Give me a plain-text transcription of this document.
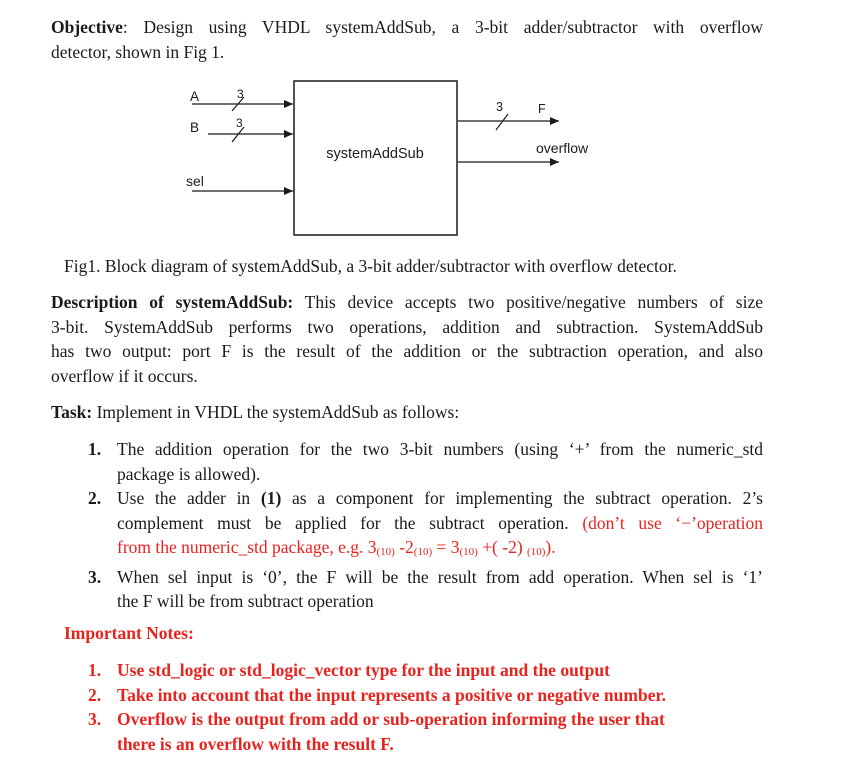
Objective: Design using VHDL systemAddSub, a 3-bit adder/subtractor with overflow
detector, shown in Fig 1.
systemAddSub
A	3
B	3
sel
3	F
overflow
Fig1. Block diagram of systemAddSub, a 3-bit adder/subtractor with overflow detector.
Description of systemAddSub: This device accepts two positive/negative numbers of size
3-bit. SystemAddSub performs two operations, addition and subtraction. SystemAddSub
has two output: port F is the result of the addition or the subtraction operation, and also
overflow if it occurs.
Task: Implement in VHDL the systemAddSub as follows:
1. The addition operation for the two 3-bit numbers (using ‘+’ from the numeric_std
package is allowed).
2. Use the adder in (1) as a component for implementing the subtract operation. 2’s
complement must be applied for the subtract operation. (don’t use ‘−’operation
from the numeric_std package, e.g. $3_{(10)}$ $-2_{(10)} = 3_{(10)}$ +( -2) $_{(10)}$).
3. When sel input is ‘0’, the F will be the result from add operation. When sel is ‘1’
the F will be from subtract operation
Important Notes:
1. Use std_logic or std_logic_vector type for the input and the output
2. Take into account that the input represents a positive or negative number.
3. Overflow is the output from add or sub-operation informing the user that
there is an overflow with the result F.
